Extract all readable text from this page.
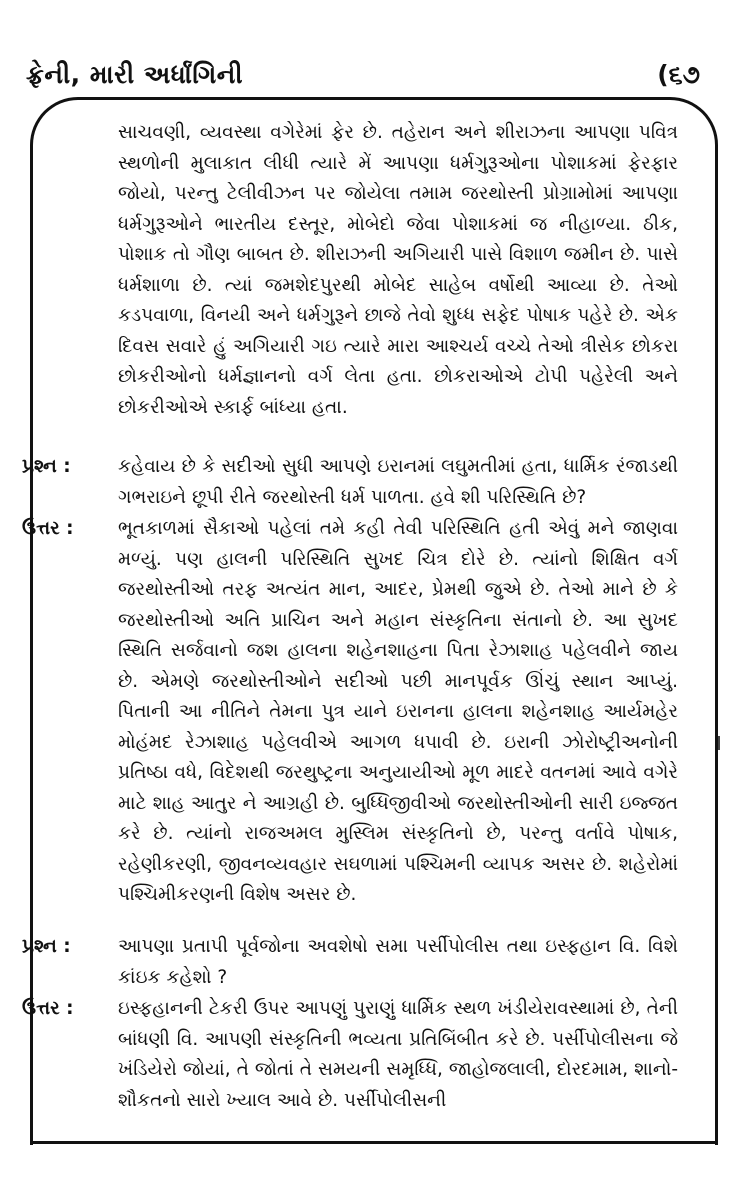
ફ્રેની, મારી અર્ધાંગિની	(૬૭
સાચવણી, વ્યવસ્થા વગેરેમાં ફેર છે. તહેરાન અને શીરાઝના આપણા પવિત્ર સ્થળોની મુલાકાત લીધી ત્યારે મેં આપણા ધર્મગુરૂઓના પોશાકમાં ફેરફાર જોયો, પરન્તુ ટેલીવીઝન પર જોયેલા તમામ જરથોસ્તી પ્રોગ્રામોમાં આપણા ધર્મગુરૂઓને ભારતીય દસ્તૂર, મોબેદો જેવા પોશાકમાં જ નીહાળ્યા. ઠીક, પોશાક તો ગૌણ બાબત છે. શીરાઝની અગિયારી પાસે વિશાળ જમીન છે. પાસે ધર્મશાળા છે. ત્યાં જમશેદપુરથી મોબેદ સાહેબ વર્ષોથી આવ્યા છે. તેઓ કડપવાળા, વિનયી અને ધર્મગુરૂને છાજે તેવો શુધ્ધ સફેદ પોષાક પહેરે છે. એક દિવસ સવારે હું અગિયારી ગઇ ત્યારે મારા આશ્ચર્ય વચ્ચે તેઓ ત્રીસેક છોકરા છોકરીઓનો ધર્મજ્ઞાનનો વર્ગ લેતા હતા. છોકરાઓએ ટોપી પહેરેલી અને છોકરીઓએ સ્કાર્ફ બાંધ્યા હતા.
પ્રશ્ન :	કહેવાય છે કે સદીઓ સુધી આપણે ઇરાનમાં લઘુમતીમાં હતા, ધાર્મિક રંજાડથી ગભરાઇને છૂપી રીતે જરથોસ્તી ધર્મ પાળતા. હવે શી પરિસ્થિતિ છે?
ઉત્તર :	ભૂતકાળમાં સૈકાઓ પહેલાં તમે કહી તેવી પરિસ્થિતિ હતી એવું મને જાણવા મળ્યું. પણ હાલની પરિસ્થિતિ સુખદ ચિત્ર દોરે છે. ત્યાંનો શિક્ષિત વર્ગ જરથોસ્તીઓ તરફ અત્યંત માન, આદર, પ્રેમથી જુએ છે. તેઓ માને છે કે જરથોસ્તીઓ અતિ પ્રાચિન અને મહાન સંસ્કૃતિના સંતાનો છે. આ સુખદ સ્થિતિ સર્જવાનો જશ હાલના શહેનશાહના પિતા રેઝાશાહ પહેલવીને જાય છે. એમણે જરથોસ્તીઓને સદીઓ પછી માનપૂર્વક ઊંચું સ્થાન આપ્યું. પિતાની આ નીતિને તેમના પુત્ર યાને ઇરાનના હાલના શહેનશાહ આર્યમહેર મોહંમદ રેઝાશાહ પહેલવીએ આગળ ધપાવી છે. ઇરાની ઝોરોષ્ટ્રીઅનોની પ્રતિષ્ઠા વધે, વિદેશથી જરથુષ્ટ્રના અનુયાયીઓ મૂળ માદરે વતનમાં આવે વગેરે માટે શાહ આતુર ને આગ્રહી છે. બુધ્ધિજીવીઓ જરથોસ્તીઓની સારી ઇજ્જત કરે છે. ત્યાંનો રાજઅમલ મુસ્લિમ સંસ્કૃતિનો છે, પરન્તુ વર્તાવે પોષાક, રહેણીકરણી, જીવનવ્યવહાર સઘળામાં પશ્ચિમની વ્યાપક અસર છે. શહેરોમાં પશ્ચિમીકરણની વિશેષ અસર છે.
પ્રશ્ન :	આપણા પ્રતાપી પૂર્વજોના અવશેષો સમા પર્સીપોલીસ તથા ઇસ્ફહાન વિ. વિશે કાંઇક કહેશો ?
ઉત્તર :	ઇસ્ફહાનની ટેકરી ઉપર આપણું પુરાણું ધાર્મિક સ્થળ ખંડીયેરાવસ્થામાં છે, તેની બાંધણી વિ. આપણી સંસ્કૃતિની ભવ્યતા પ્રતિબિંબીત કરે છે. પર્સીપોલીસના જે ખંડિયેરો જોયાં, તે જોતાં તે સમયની સમૃધ્ધિ, જાહોજલાલી, દોરદમામ, શાનો-શૌકતનો સારો ખ્યાલ આવે છે. પર્સીપોલીસની
